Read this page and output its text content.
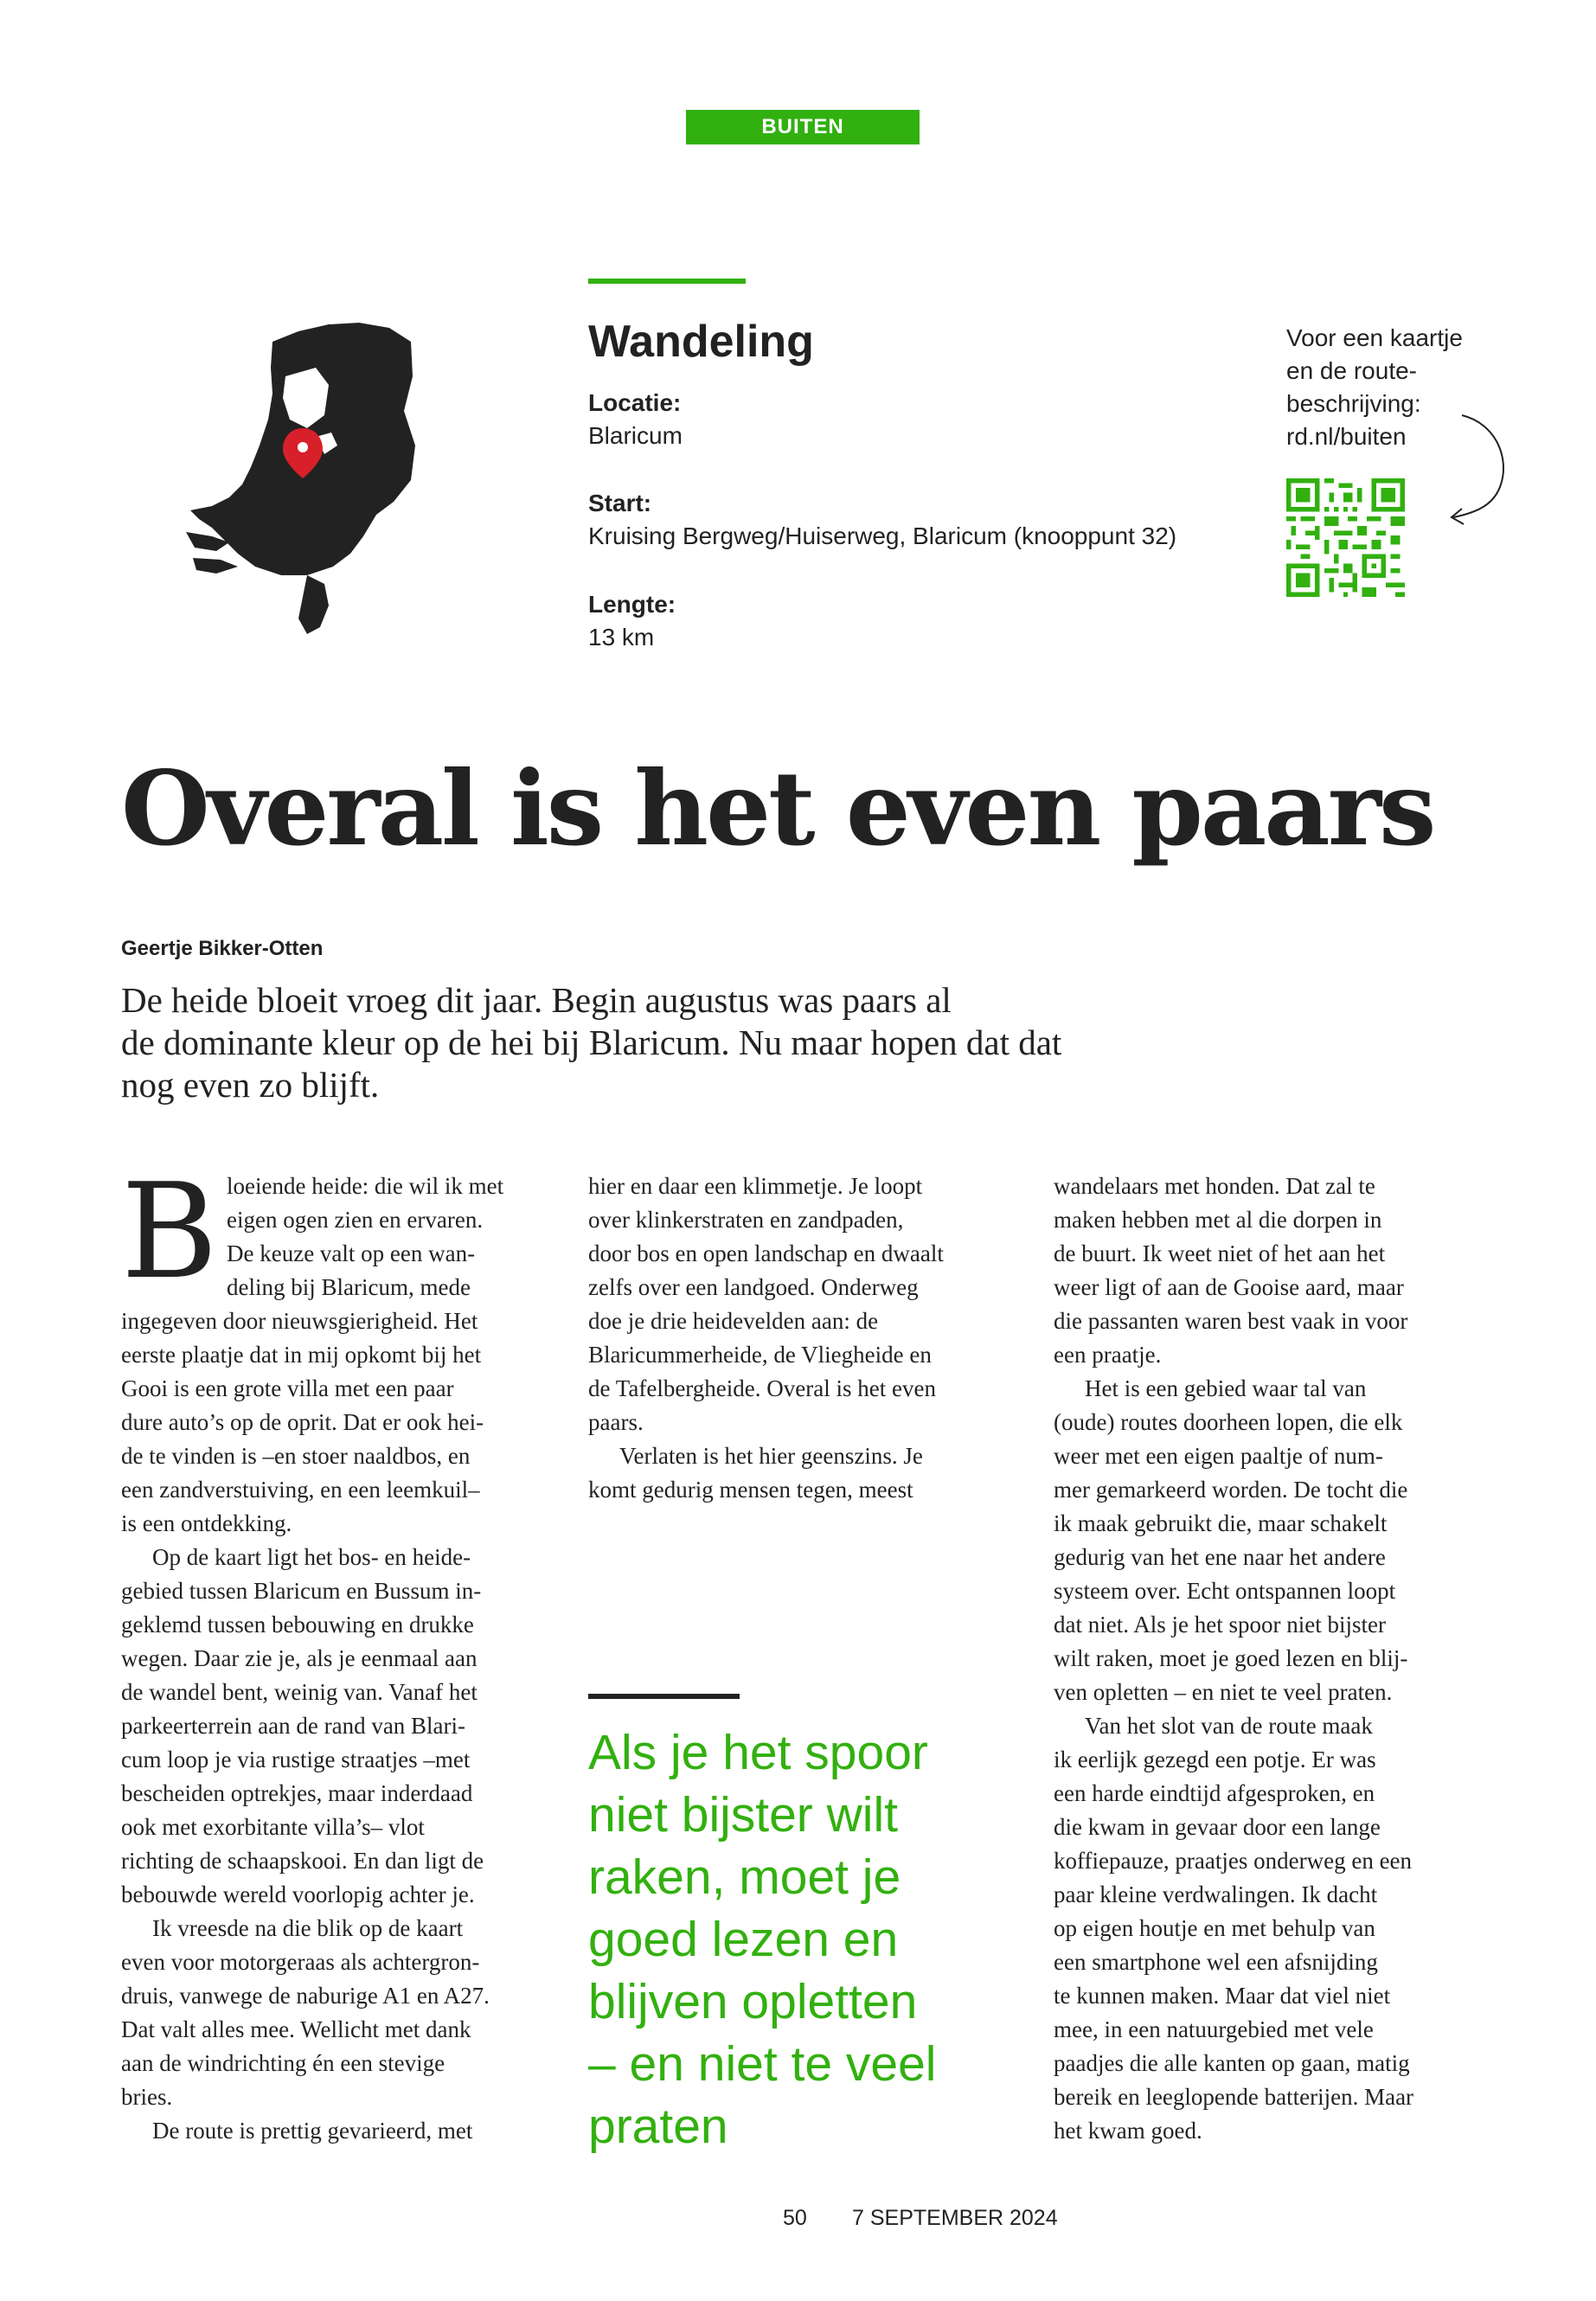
BUITEN
Wandeling
Locatie:
Blaricum
Start:
Kruising Bergweg/Huiserweg, Blaricum (knooppunt 32)
Lengte:
13 km
Voor een kaartje
en de route-
beschrijving:
rd.nl/buiten
Overal is het even paars
Geertje Bikker-Otten
De heide bloeit vroeg dit jaar. Begin augustus was paars al
de dominante kleur op de hei bij Blaricum. Nu maar hopen dat dat
nog even zo blijft.
B loeiende heide: die wil ik met
eigen ogen zien en ervaren.
De keuze valt op een wan-
deling bij Blaricum, mede
ingegeven door nieuwsgierigheid. Het
eerste plaatje dat in mij opkomt bij het
Gooi is een grote villa met een paar
dure auto’s op de oprit. Dat er ook hei-
de te vinden is –en stoer naaldbos, en
een zandverstuiving, en een leemkuil–
is een ontdekking.
Op de kaart ligt het bos- en heide-
gebied tussen Blaricum en Bussum in-
geklemd tussen bebouwing en drukke
wegen. Daar zie je, als je eenmaal aan
de wandel bent, weinig van. Vanaf het
parkeerterrein aan de rand van Blari-
cum loop je via rustige straatjes –met
bescheiden optrekjes, maar inderdaad
ook met exorbitante villa’s– vlot
richting de schaapskooi. En dan ligt de
bebouwde wereld voorlopig achter je.
Ik vreesde na die blik op de kaart
even voor motorgeraas als achtergron-
druis, vanwege de naburige A1 en A27.
Dat valt alles mee. Wellicht met dank
aan de windrichting én een stevige
bries.
De route is prettig gevarieerd, met
hier en daar een klimmetje. Je loopt
over klinkerstraten en zandpaden,
door bos en open landschap en dwaalt
zelfs over een landgoed. Onderweg
doe je drie heidevelden aan: de
Blaricummerheide, de Vliegheide en
de Tafelbergheide. Overal is het even
paars.
Verlaten is het hier geenszins. Je
komt gedurig mensen tegen, meest
Als je het spoor
niet bijster wilt
raken, moet je
goed lezen en
blijven opletten
– en niet te veel
praten
wandelaars met honden. Dat zal te
maken hebben met al die dorpen in
de buurt. Ik weet niet of het aan het
weer ligt of aan de Gooise aard, maar
die passanten waren best vaak in voor
een praatje.
Het is een gebied waar tal van
(oude) routes doorheen lopen, die elk
weer met een eigen paaltje of num-
mer gemarkeerd worden. De tocht die
ik maak gebruikt die, maar schakelt
gedurig van het ene naar het andere
systeem over. Echt ontspannen loopt
dat niet. Als je het spoor niet bijster
wilt raken, moet je goed lezen en blij-
ven opletten – en niet te veel praten.
Van het slot van de route maak
ik eerlijk gezegd een potje. Er was
een harde eindtijd afgesproken, en
die kwam in gevaar door een lange
koffiepauze, praatjes onderweg en een
paar kleine verdwalingen. Ik dacht
op eigen houtje en met behulp van
een smartphone wel een afsnijding
te kunnen maken. Maar dat viel niet
mee, in een natuurgebied met vele
paadjes die alle kanten op gaan, matig
bereik en leeglopende batterijen. Maar
het kwam goed.
50 7 SEPTEMBER 2024
